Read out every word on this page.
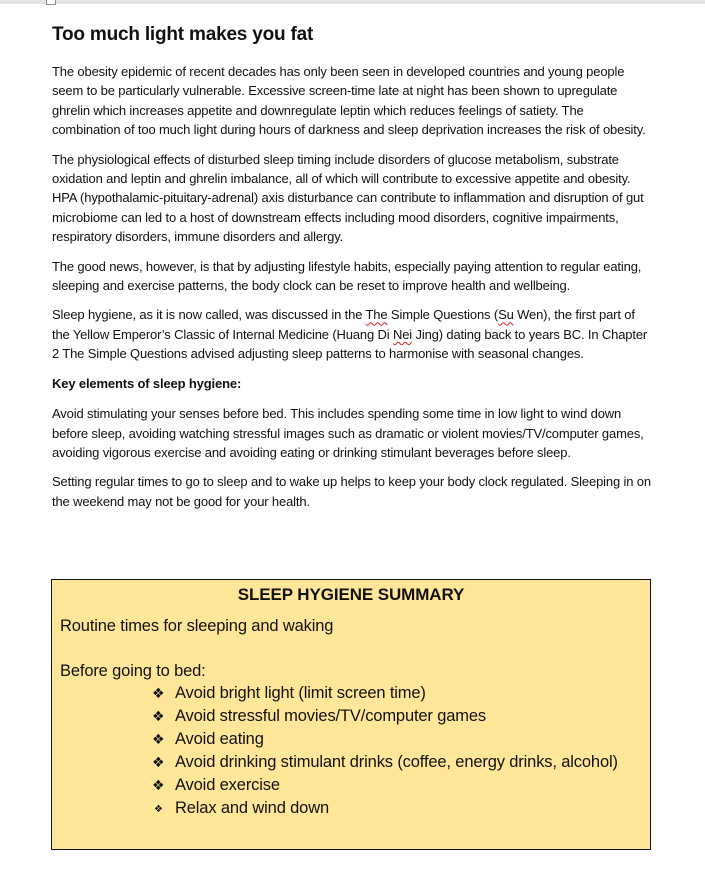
Too much light makes you fat

The obesity epidemic of recent decades has only been seen in developed countries and young people seem to be particularly vulnerable. Excessive screen-time late at night has been shown to upregulate ghrelin which increases appetite and downregulate leptin which reduces feelings of satiety. The combination of too much light during hours of darkness and sleep deprivation increases the risk of obesity.

The physiological effects of disturbed sleep timing include disorders of glucose metabolism, substrate oxidation and leptin and ghrelin imbalance, all of which will contribute to excessive appetite and obesity. HPA (hypothalamic-pituitary-adrenal) axis disturbance can contribute to inflammation and disruption of gut microbiome can led to a host of downstream effects including mood disorders, cognitive impairments, respiratory disorders, immune disorders and allergy.

The good news, however, is that by adjusting lifestyle habits, especially paying attention to regular eating, sleeping and exercise patterns, the body clock can be reset to improve health and wellbeing.

Sleep hygiene, as it is now called, was discussed in the The Simple Questions (Su Wen), the first part of the Yellow Emperor’s Classic of Internal Medicine (Huang Di Nei Jing) dating back to years BC. In Chapter 2 The Simple Questions advised adjusting sleep patterns to harmonise with seasonal changes.

Key elements of sleep hygiene:

Avoid stimulating your senses before bed. This includes spending some time in low light to wind down before sleep, avoiding watching stressful images such as dramatic or violent movies/TV/computer games, avoiding vigorous exercise and avoiding eating or drinking stimulant beverages before sleep.

Setting regular times to go to sleep and to wake up helps to keep your body clock regulated. Sleeping in on the weekend may not be good for your health.

SLEEP HYGIENE SUMMARY
Routine times for sleeping and waking
Before going to bed:
❖ Avoid bright light (limit screen time)
❖ Avoid stressful movies/TV/computer games
❖ Avoid eating
❖ Avoid drinking stimulant drinks (coffee, energy drinks, alcohol)
❖ Avoid exercise
❖ Relax and wind down
